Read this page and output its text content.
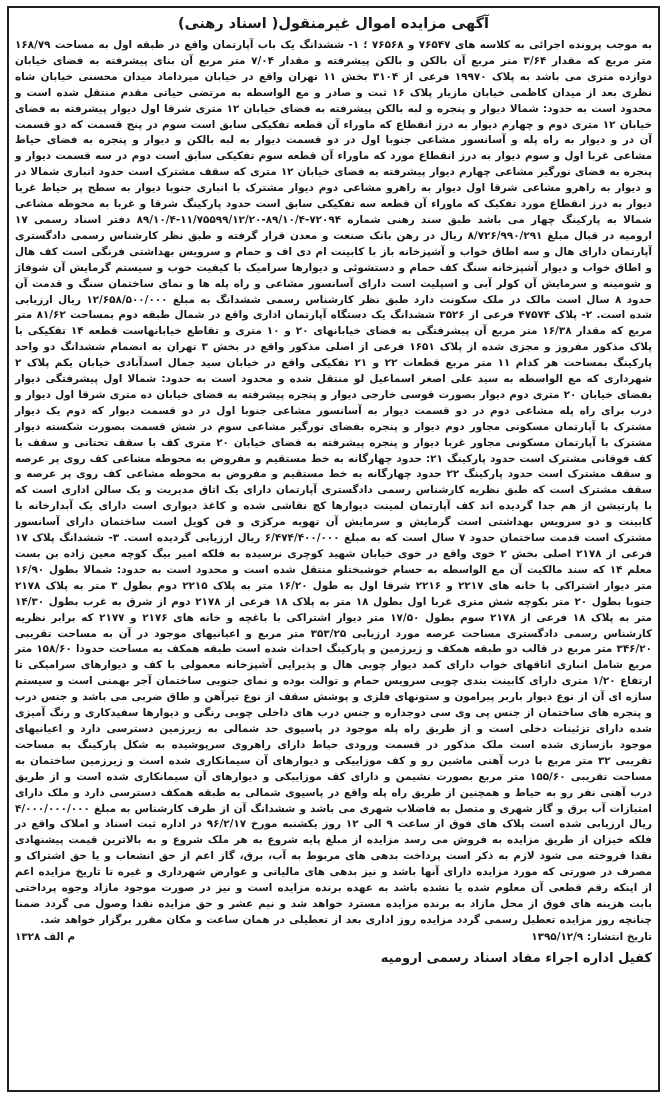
آگهی مزایده اموال غیرمنقول( اسناد رهنی)

به موجب پرونده اجرائی به کلاسه های ۷۶۵۴۷ و ۷۶۵۶۸ ؛ ۱- ششدانگ یک باب آپارتمان واقع در طبقه اول به مساحت ۱۶۸/۷۹ متر مربع که مقدار ۳/۶۴ متر مربع آن بالکن و بالکن پیشرفته و مقدار ۷/۰۴ متر مربع آن بنای پیشرفته به فضای خیابان دوازده متری می باشد به پلاک ۱۹۹۷۰ فرعی از ۳۱۰۴ بخش ۱۱ تهران واقع در خیابان میرداماد میدان محسنی خیابان شاه نظری بعد از میدان کاظمی خیابان مازیار پلاک ۱۶ ثبت و صادر و مع الواسطه به مرتضی حیاتی مقدم منتقل شده است و محدود است به حدود: شمالا دیوار و پنجره و لبه بالکن پیشرفته به فضای خیابان ۱۲ متری شرقا اول دیوار پیشرفته به فضای خیابان ۱۲ متری دوم و چهارم دیوار به درز انقطاع که ماوراء آن قطعه تفکیکی سابق است سوم در پنج قسمت که دو قسمت آن در و دیوار به راه پله و آسانسور مشاعی جنوبا اول در دو قسمت دیوار به لبه بالکن و دیوار و پنجره به فضای حیاط مشاعی غربا اول و سوم دیوار به درز انقطاع مورد که ماوراء آن قطعه سوم تفکیکی سابق است دوم در سه قسمت دیوار و پنجره به فضای نورگیر مشاعی چهارم دیوار پیشرفته به فضای خیابان ۱۲ متری که سقف مشترک است حدود انباری شمالا در و دیوار به راهرو مشاعی شرقا اول دیوار به راهرو مشاعی دوم دیوار مشترک با انباری جنوبا دیوار به سطح پر حیاط غربا دیوار به درز انقطاع مورد تفکیک که ماوراء آن قطعه سه تفکیکی سابق است حدود پارکینگ شرقا و غربا به محوطه مشاعی شمالا به پارکینگ چهار می باشد طبق سند رهنی شماره ۷۲۰۹۴-۸۹/۱۰/۴-۱۱/۷۵۵۹۹/۱۲/۲۰-۸۹/۱۰/۴ دفتر اسناد رسمی ۱۷ ارومیه در قبال مبلغ ۸/۷۲۶/۹۹۰/۲۹۱ ریال در رهن بانک صنعت و معدن قرار گرفته و طبق نظر کارشناس رسمی دادگستری آپارتمان دارای هال و سه اطاق خواب و آشپزخانه باز با کابینت ام دی اف و حمام و سرویس بهداشتی فرنگی است کف هال و اطاق خواب و دیوار آشپزخانه سنگ کف حمام و دستشوئی و دیوارها سرامیک با کیفیت خوب و سیستم گرمایش آن شوفاژ و شومینه و سرمایش آن کولر آبی و اسپلیت است دارای آسانسور مشاعی و راه پله ها و نمای ساختمان سنگ و قدمت آن حدود ۸ سال است مالک در ملک سکونت دارد طبق نظر کارشناس رسمی ششدانگ به مبلغ ۱۲/۶۵۸/۵۰۰/۰۰۰ ریال ارزیابی شده است. ۲- پلاک ۴۷۵۷۴ فرعی از ۳۵۲۶ ششدانگ یک دستگاه آپارتمان اداری واقع در شمال طبقه دوم بمساحت ۸۱/۶۲ متر مربع که مقدار ۱۶/۳۸ متر مربع آن پیشرفتگی به فضای خیابانهای ۲۰ و ۱۰ متری و تقاطع خیابانهاست قطعه ۱۴ تفکیکی با پلاک مذکور مفروز و مجزی شده از پلاک ۱۶۵۱ فرعی از اصلی مذکور واقع در بخش ۳ تهران به انضمام ششدانگ دو واحد پارکینگ بمساحت هر کدام ۱۱ متر مربع قطعات ۲۲ و ۲۱ تفکیکی واقع در خیابان سید جمال اسدآبادی خیابان یکم پلاک ۲ شهرداری که مع الواسطه به سید علی اصغر اسماعیل لو منتقل شده و محدود است به حدود: شمالا اول پیشرفتگی دیوار بفضای خیابان ۲۰ متری دوم دیوار بصورت قوسی خارجی دیوار و پنجره پیشرفته به فضای خیابان ده متری شرقا اول دیوار و درب برای راه پله مشاعی دوم در دو قسمت دیوار به آسانسور مشاعی جنوبا اول در دو قسمت دیوار که دوم یک دیوار مشترک با آپارتمان مسکونی مجاور دوم دیوار و پنجره بفضای نورگیر مشاعی سوم در شش قسمت بصورت شکسته دیوار مشترک با آپارتمان مسکونی مجاور غربا دیوار و پنجره پیشرفته به فضای خیابان ۲۰ متری کف با سقف تحتانی و سقف با کف فوقانی مشترک است حدود پارکینگ ۲۱: حدود چهارگانه به خط مستقیم و مفروض به محوطه مشاعی کف روی پر عرصه و سقف مشترک است حدود پارکینگ ۲۲ حدود چهارگانه به خط مستقیم و مفروض به محوطه مشاعی کف روی پر عرصه و سقف مشترک است که طبق نظریه کارشناس رسمی دادگستری آپارتمان دارای یک اتاق مدیریت و یک سالن اداری است که با پارتیشن از هم جدا گردیده اند کف آپارتمان لمینت دیوارها کچ نقاشی شده و کاغذ دیواری است دارای یک آبدارخانه با کابینت و دو سرویس بهداشتی است گرمایش و سرمایش آن تهویه مرکزی و فن کویل است ساختمان دارای آسانسور مشترک است قدمت ساختمان حدود ۷ سال است که به مبلغ ۶/۴۷۴/۴۰۰/۰۰۰ ریال ارزیابی گردیده است. ۳- ششدانگ پلاک ۱۷ فرعی از ۲۱۷۸ اصلی بخش ۲ خوی واقع در خوی خیابان شهید کوچری نرسیده به فلکه امیر بیگ کوچه معین زاده بن بست معلم ۱۴ که سند مالکیت آن مع الواسطه به حسام خوشبختلو منتقل شده است و محدود است به حدود: شمالا بطول ۱۶/۹۰ متر دیوار اشتراکی با خانه های ۲۲۱۷ و ۲۲۱۶ شرقا اول به طول ۱۶/۲۰ متر به پلاک ۲۲۱۵ دوم بطول ۳ متر به پلاک ۲۱۷۸ جنوبا بطول ۲۰ متر بکوچه شش متری غربا اول بطول ۱۸ متر به پلاک ۱۸ فرعی از ۲۱۷۸ دوم از شرق به غرب بطول ۱۴/۳۰ متر به پلاک ۱۸ فرعی از ۲۱۷۸ سوم بطول ۱۷/۵۰ متر دیوار اشتراکی با باغچه و خانه های ۲۱۷۶ و ۲۱۷۷ که برابر نظریه کارشناس رسمی دادگستری مساحت عرصه مورد ارزیابی ۳۵۳/۲۵ متر مربع و اعیانیهای موجود در آن به مساحت تقریبی ۳۴۶/۲۰ متر مربع در قالب دو طبقه همکف و زیرزمین و پارکینگ احداث شده است طبقه همکف به مساحت حدودا ۱۵۸/۶۰ متر مربع شامل انباری اتاقهای خواب دارای کمد دیوار چوبی هال و پذیرایی آشپزخانه معمولی با کف و دیوارهای سرامیکی تا ارتفاع ۱/۲۰ متری دارای کابینت بندی چوبی سرویس حمام و توالت بوده و نمای جنوبی ساختمان آجر بهمنی است و سیستم سازه ای آن از نوع دیوار باربر پیرامون و ستونهای فلزی و پوشش سقف از نوع تیرآهن و طاق ضربی می باشد و جنس درب و پنجره های ساختمان از جنس پی وی سی دوجداره و جنس درب های داخلی چوبی رنگی و دیوارها سفیدکاری و رنگ آمیزی شده دارای تزئینات دخلی است و از طریق راه پله موجود در پاسیوی حد شمالی به زیرزمین دسترسی دارد و اعیانیهای موجود بازسازی شده است ملک مذکور در قسمت ورودی حیاط دارای راهروی سرپوشیده به شکل پارکینگ به مساحت تقریبی ۳۲ متر مربع با درب آهنی ماشین رو و کف موزاییکی و دیوارهای آن سیمانکاری شده است و زیرزمین ساختمان به مساحت تقریبی ۱۵۵/۶۰ متر مربع بصورت نشیمن و دارای کف موزاییکی و دیوارهای آن سیمانکاری شده است و از طریق درب آهنی نفر رو به حیاط و همچنین از طریق راه پله واقع در پاسیوی شمالی به طبقه همکف دسترسی دارد و ملک دارای امتیازات آب برق و گاز شهری و متصل به فاضلاب شهری می باشد و ششدانگ آن از طرف کارشناس به مبلغ ۴/۰۰۰/۰۰۰/۰۰۰ ریال ارزیابی شده است پلاک های فوق از ساعت ۹ الی ۱۲ روز یکشنبه مورخ ۹۶/۲/۱۷ در اداره ثبت اسناد و املاک واقع در فلکه خیزان از طریق مزایده به فروش می رسد مزایده از مبلغ پایه شروع به هر ملک شروع و به بالاترین قیمت پیشنهادی نقدا فروخته می شود لازم به ذکر است پرداخت بدهی های مربوط به آب، برق، گاز اعم از حق انشعاب و یا حق اشتراک و مصرف در صورتی که مورد مزایده دارای آنها باشد و نیز بدهی های مالیاتی و عوارض شهرداری و غیره تا تاریخ مزایده اعم از اینکه رقم قطعی آن معلوم شده یا نشده باشد به عهده برنده مزایده است و نیز در صورت موجود مازاد وجوه پرداختی بابت هزینه های فوق از محل مازاد به برنده مزایده مسترد خواهد شد و نیم عشر و حق مزایده نقدا وصول می گردد ضمنا چنانچه روز مزایده تعطیل رسمی گردد مزایده روز اداری بعد از تعطیلی در همان ساعت و مکان مقرر برگزار خواهد شد.

تاریخ انتشار: ۱۳۹۵/۱۲/۹
م الف ۱۳۲۸
کفیل اداره اجراء مفاد اسناد رسمی ارومیه
